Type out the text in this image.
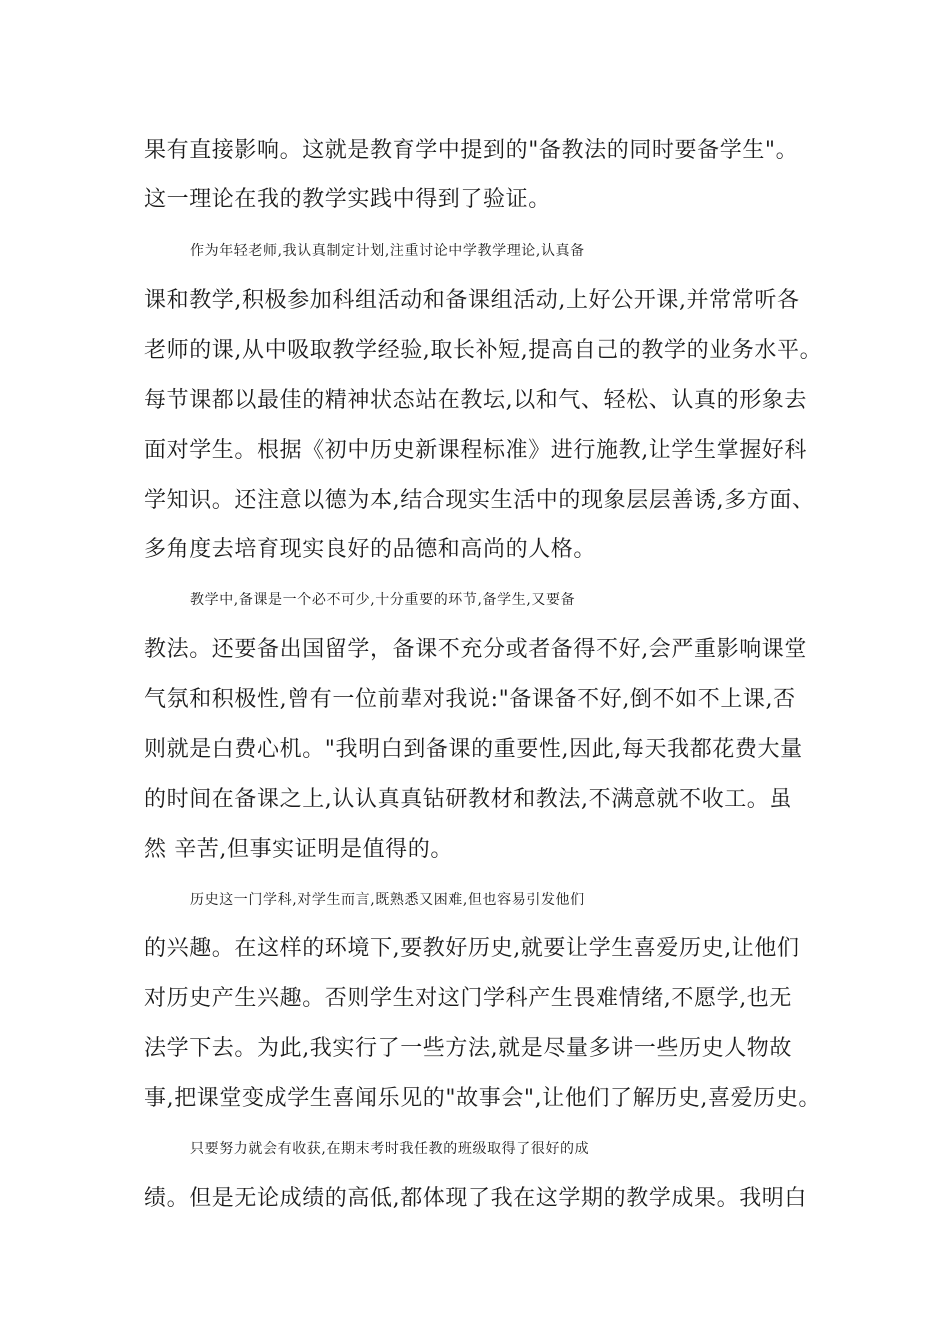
果有直接影响。这就是教育学中提到的"备教法的同时要备学生"。
这一理论在我的教学实践中得到了验证。
作为年轻老师,我认真制定计划,注重讨论中学教学理论,认真备
课和教学,积极参加科组活动和备课组活动,上好公开课,并常常听各
老师的课,从中吸取教学经验,取长补短,提高自己的教学的业务水平。
每节课都以最佳的精神状态站在教坛,以和气、轻松、认真的形象去
面对学生。根据《初中历史新课程标准》进行施教,让学生掌握好科
学知识。还注意以德为本,结合现实生活中的现象层层善诱,多方面、
多角度去培育现实良好的品德和高尚的人格。
教学中,备课是一个必不可少,十分重要的环节,备学生,又要备
教法。还要备出国留学，备课不充分或者备得不好,会严重影响课堂
气氛和积极性,曾有一位前辈对我说:"备课备不好,倒不如不上课,否
则就是白费心机。"我明白到备课的重要性,因此,每天我都花费大量
的时间在备课之上,认认真真钻研教材和教法,不满意就不收工。虽
然 辛苦,但事实证明是值得的。
历史这一门学科,对学生而言,既熟悉又困难,但也容易引发他们
的兴趣。在这样的环境下,要教好历史,就要让学生喜爱历史,让他们
对历史产生兴趣。否则学生对这门学科产生畏难情绪,不愿学,也无
法学下去。为此,我实行了一些方法,就是尽量多讲一些历史人物故
事,把课堂变成学生喜闻乐见的"故事会",让他们了解历史,喜爱历史。
只要努力就会有收获,在期末考时我任教的班级取得了很好的成
绩。但是无论成绩的高低,都体现了我在这学期的教学成果。我明白
